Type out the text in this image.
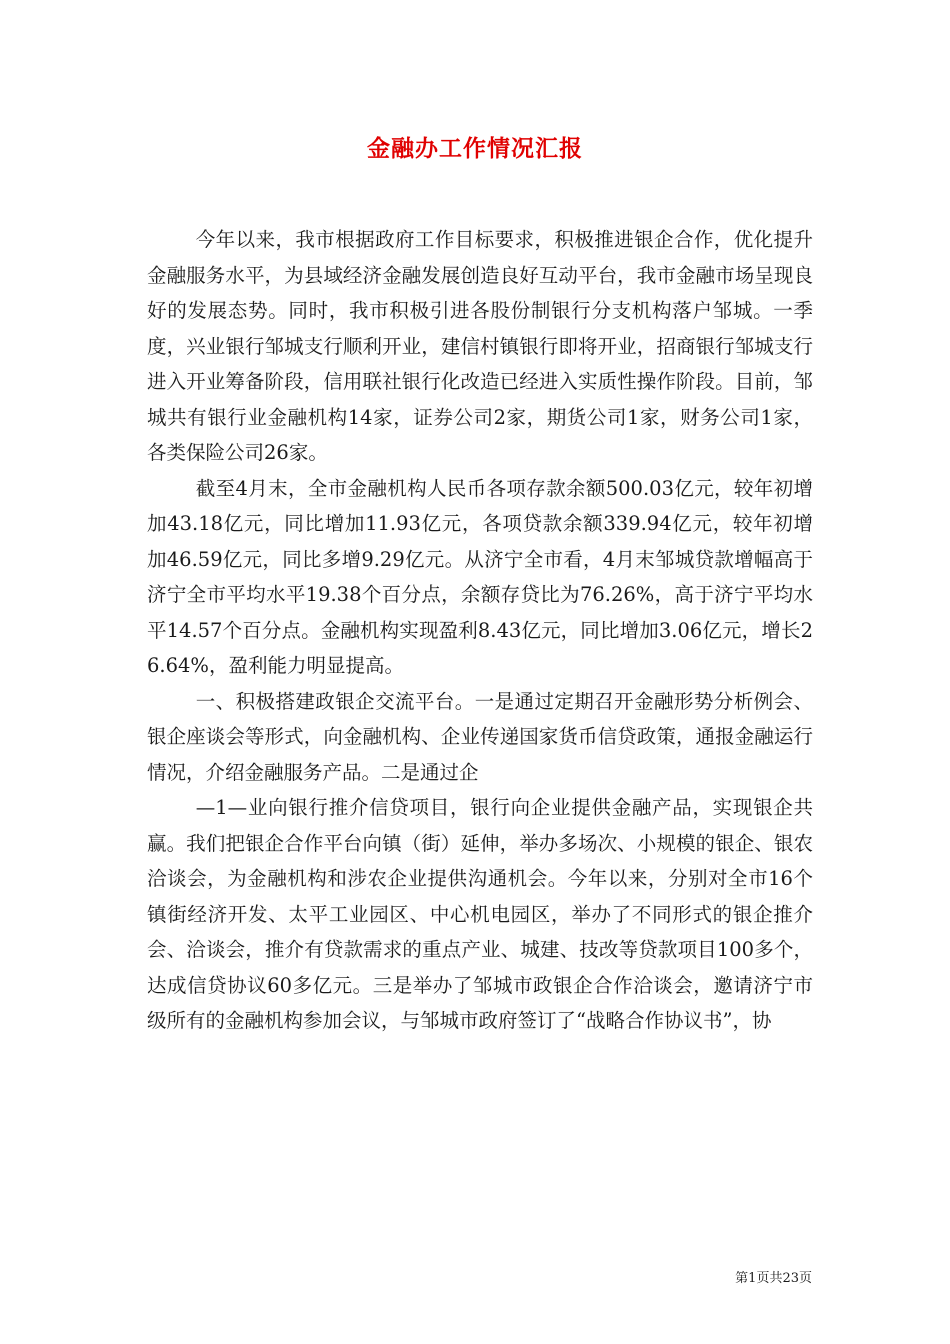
金融办工作情况汇报

今年以来，我市根据政府工作目标要求，积极推进银企合作，优化提升金融服务水平，为县域经济金融发展创造良好互动平台，我市金融市场呈现良好的发展态势。同时，我市积极引进各股份制银行分支机构落户邹城。一季度，兴业银行邹城支行顺利开业，建信村镇银行即将开业，招商银行邹城支行进入开业筹备阶段，信用联社银行化改造已经进入实质性操作阶段。目前，邹城共有银行业金融机构14家，证券公司2家，期货公司1家，财务公司1家，各类保险公司26家。

截至4月末，全市金融机构人民币各项存款余额500.03亿元，较年初增加43.18亿元，同比增加11.93亿元，各项贷款余额339.94亿元，较年初增加46.59亿元，同比多增9.29亿元。从济宁全市看，4月末邹城贷款增幅高于济宁全市平均水平19.38个百分点，余额存贷比为76.26%，高于济宁平均水平14.57个百分点。金融机构实现盈利8.43亿元，同比增加3.06亿元，增长26.64%，盈利能力明显提高。

一、积极搭建政银企交流平台。一是通过定期召开金融形势分析例会、银企座谈会等形式，向金融机构、企业传递国家货币信贷政策，通报金融运行情况，介绍金融服务产品。二是通过企

—1—业向银行推介信贷项目，银行向企业提供金融产品，实现银企共赢。我们把银企合作平台向镇（街）延伸，举办多场次、小规模的银企、银农洽谈会，为金融机构和涉农企业提供沟通机会。今年以来，分别对全市16个镇街经济开发、太平工业园区、中心机电园区，举办了不同形式的银企推介会、洽谈会，推介有贷款需求的重点产业、城建、技改等贷款项目100多个，达成信贷协议60多亿元。三是举办了邹城市政银企合作洽谈会，邀请济宁市级所有的金融机构参加会议，与邹城市政府签订了“战略合作协议书”，协

第1页共23页
